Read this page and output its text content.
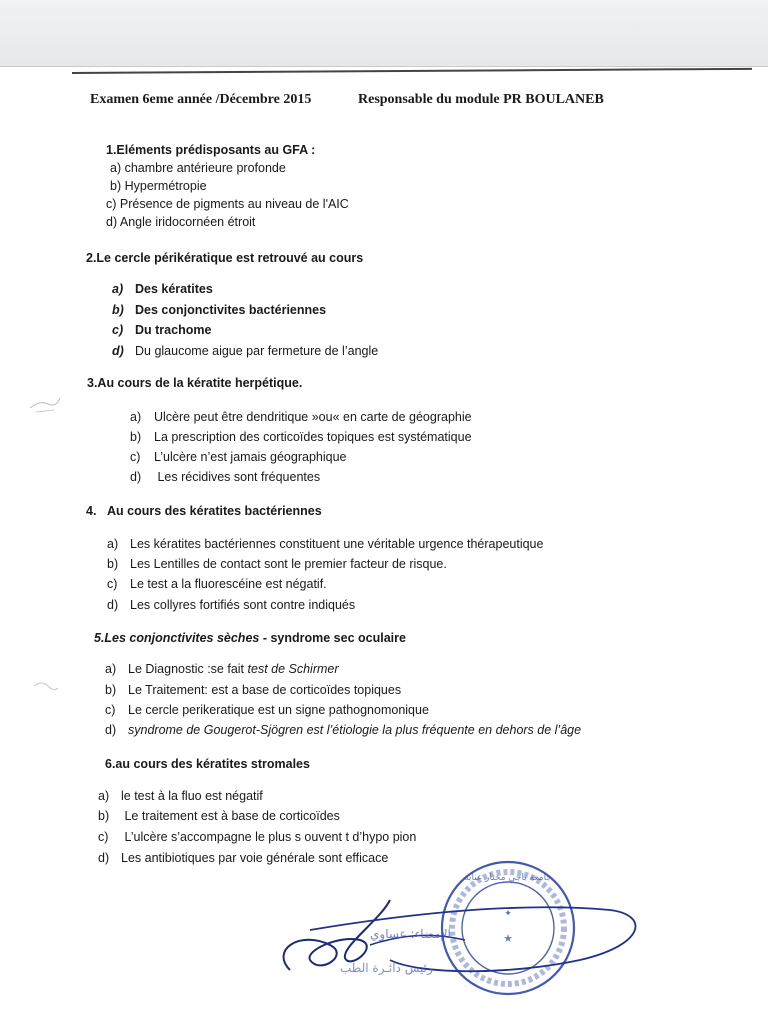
Examen 6eme année /Décembre 2015	Responsable du module PR BOULANEB
1.Eléments prédisposants au GFA :
a) chambre antérieure profonde
b) Hypermétropie
c) Présence de pigments au niveau de l'AIC
d) Angle iridocornéen étroit
2.Le cercle périkératique est retrouvé au cours
a) Des kératites
b) Des conjonctivites bactériennes
c) Du trachome
d) Du glaucome aigue par fermeture de l’angle
3.Au cours de la kératite herpétique.
a) Ulcère peut être dendritique »ou« en carte de géographie
b) La prescription des corticoïdes topiques est systématique
c) L’ulcère n’est jamais géographique
d) Les récidives sont fréquentes
4. Au cours des kératites bactériennes
a) Les kératites bactériennes constituent une véritable urgence thérapeutique
b) Les Lentilles de contact sont le premier facteur de risque.
c) Le test a la fluorescéine est négatif.
d) Les collyres fortifiés sont contre indiqués
5.Les conjonctivites sèches - syndrome sec oculaire
a) Le Diagnostic :se fait test de Schirmer
b) Le Traitement: est a base de corticoïdes topiques
c) Le cercle perikeratique est un signe pathognomonique
d) syndrome de Gougerot-Sjögren est l’étiologie la plus fréquente en dehors de l’âge
6.au cours des kératites stromales
a) le test à la fluo est négatif
b) Le traitement est à base de corticoïdes
c) L’ulcère s’accompagne le plus s ouvent t d’hypo pion
d) Les antibiotiques par voie générale sont efficace
✦
★
الإمضاء: عساوي
رئيس دائـرة الطب
جامعة باجي مختار عنابة
